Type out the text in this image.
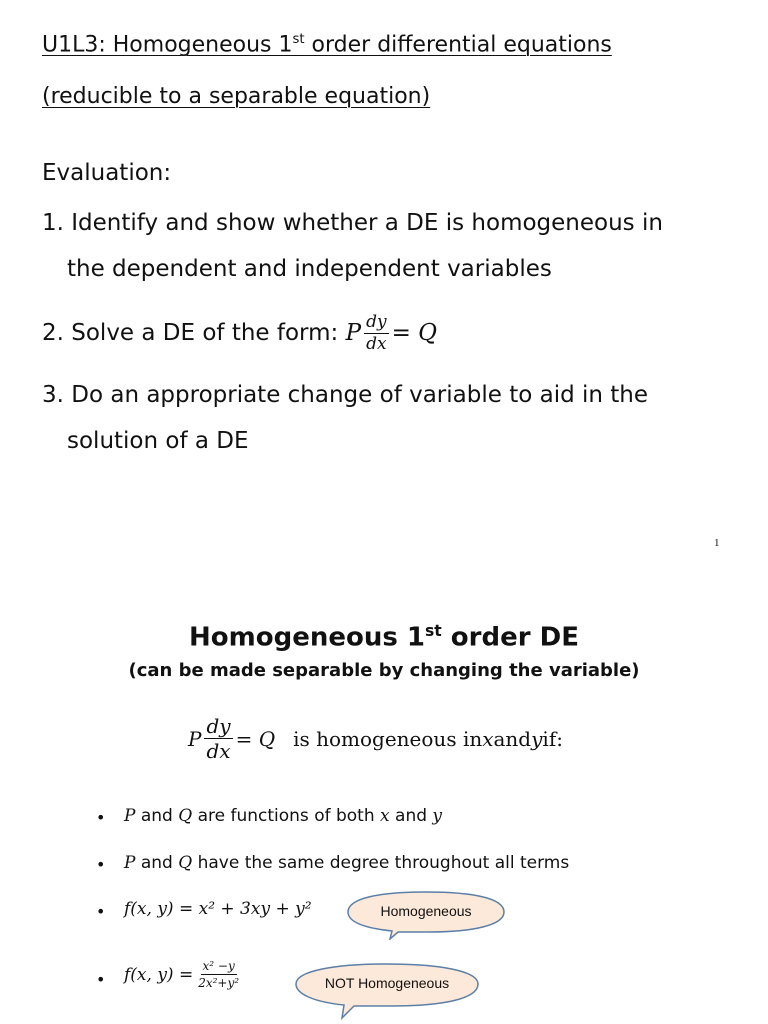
U1L3: Homogeneous 1st order differential equations
(reducible to a separable equation)
Evaluation:
1. Identify and show whether a DE is homogeneous in
the dependent and independent variables
2. Solve a DE of the form: P $\frac{dy}{dx} = Q$
3. Do an appropriate change of variable to aid in the
solution of a DE
1
Homogeneous 1st order DE
(can be made separable by changing the variable)
P $\frac{dy}{dx} = Q$ is homogeneous in x and y if:
• P and Q are functions of both x and y
• P and Q have the same degree throughout all terms
• f(x, y) = x² + 3xy + y²	Homogeneous
• f(x, $y) = \frac{\text{x² −y}}{\text{2x²+y²}}$	NOT Homogeneous
